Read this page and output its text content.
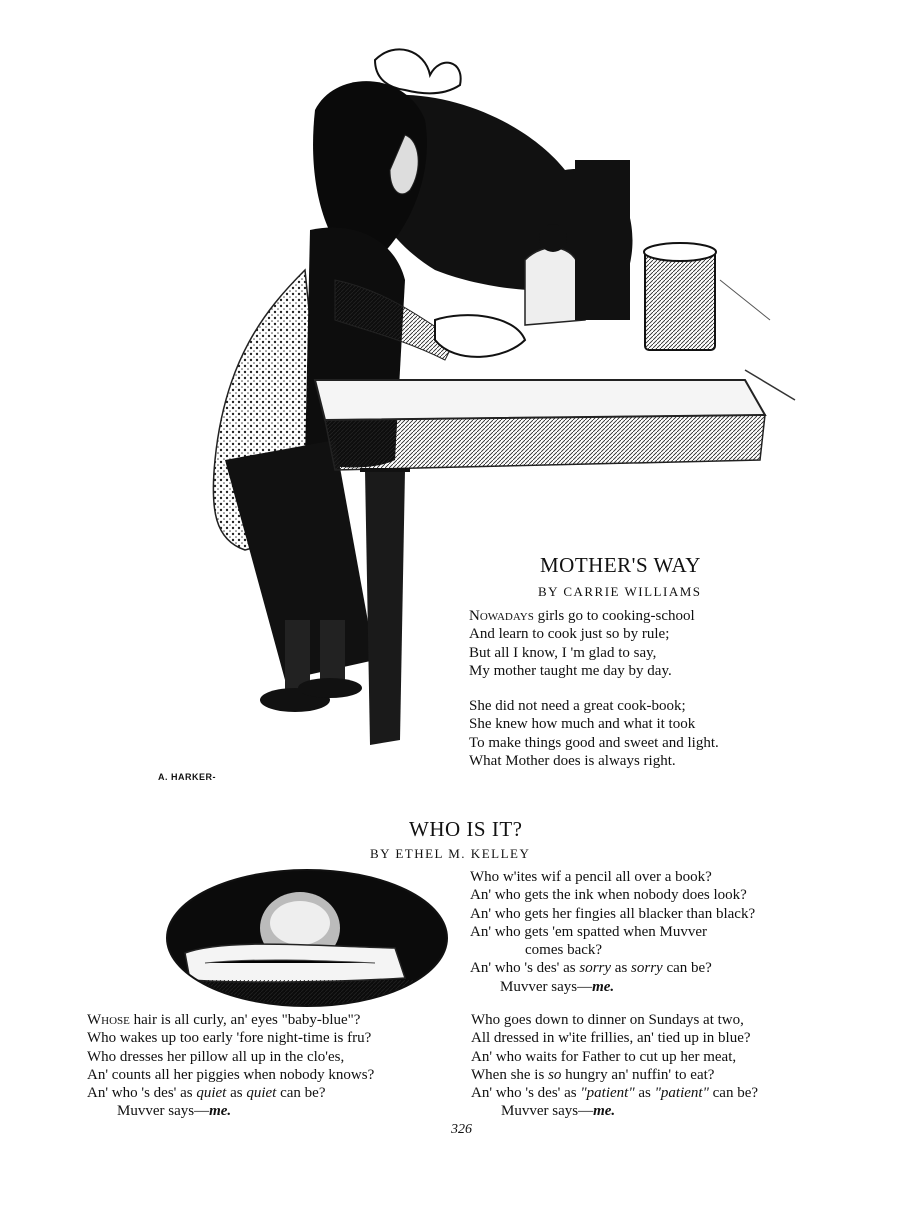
A. HARKER-
MOTHER'S WAY
BY CARRIE WILLIAMS
Nowadays girls go to cooking-school
And learn to cook just so by rule;
But all I know, I 'm glad to say,
My mother taught me day by day.
She did not need a great cook-book;
She knew how much and what it took
To make things good and sweet and light.
What Mother does is always right.
WHO IS IT?
BY ETHEL M. KELLEY
Who w'ites wif a pencil all over a book?
An' who gets the ink when nobody does look?
An' who gets her fingies all blacker than black?
An' who gets 'em spatted when Muvver
comes back?
An' who 's des' as sorry as sorry can be?
Muvver says—me.
Whose hair is all curly, an' eyes "baby-blue"?
Who wakes up too early 'fore night-time is fru?
Who dresses her pillow all up in the clo'es,
An' counts all her piggies when nobody knows?
An' who 's des' as quiet as quiet can be?
Muvver says—me.
Who goes down to dinner on Sundays at two,
All dressed in w'ite frillies, an' tied up in blue?
An' who waits for Father to cut up her meat,
When she is so hungry an' nuffin' to eat?
An' who 's des' as "patient" as "patient" can be?
Muvver says—me.
326
